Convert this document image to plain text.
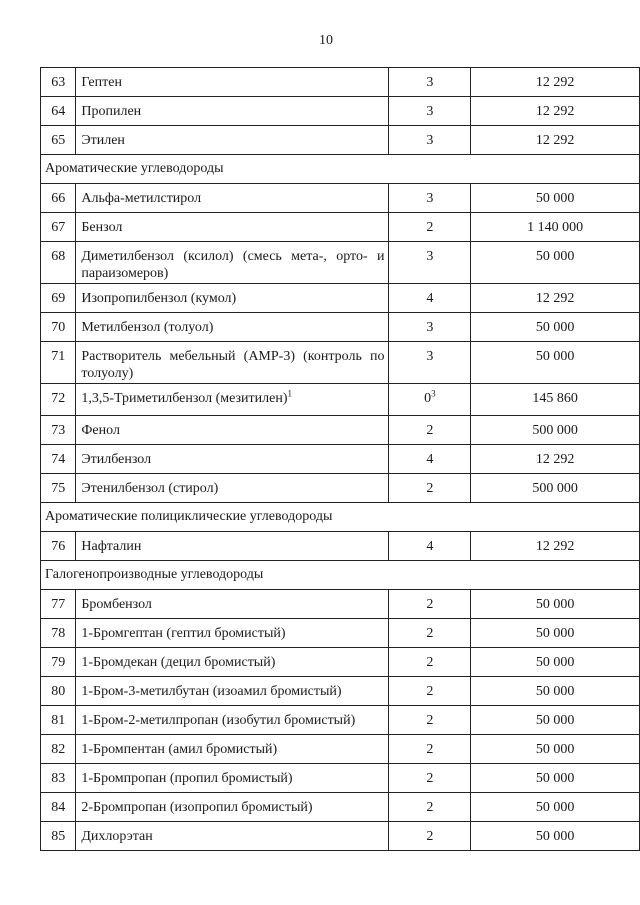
10
63	Гептен	3	12 292
64	Пропилен	3	12 292
65	Этилен	3	12 292
Ароматические углеводороды			
66	Альфа-метилстирол	3	50 000
67	Бензол	2	1 140 000
68	Диметилбензол (ксилол) (смесь мета-, орто- и параизомеров)	3	50 000
69	Изопропилбензол (кумол)	4	12 292
70	Метилбензол (толуол)	3	50 000
71	Растворитель мебельный (АМР-3) (контроль по толуолу)	3	50 000
72	1,3,5-Триметилбензол (мезитилен)$^1$	$0^3$	145 860
73	Фенол	2	500 000
74	Этилбензол	4	12 292
75	Этенилбензол (стирол)	2	500 000
Ароматические полициклические углеводороды			
76	Нафталин	4	12 292
Галогенопроизводные углеводороды			
77	Бромбензол	2	50 000
78	1-Бромгептан (гептил бромистый)	2	50 000
79	1-Бромдекан (децил бромистый)	2	50 000
80	1-Бром-3-метилбутан (изоамил бромистый)	2	50 000
81	1-Бром-2-метилпропан (изобутил бромистый)	2	50 000
82	1-Бромпентан (амил бромистый)	2	50 000
83	1-Бромпропан (пропил бромистый)	2	50 000
84	2-Бромпропан (изопропил бромистый)	2	50 000
85	Дихлорэтан	2	50 000
